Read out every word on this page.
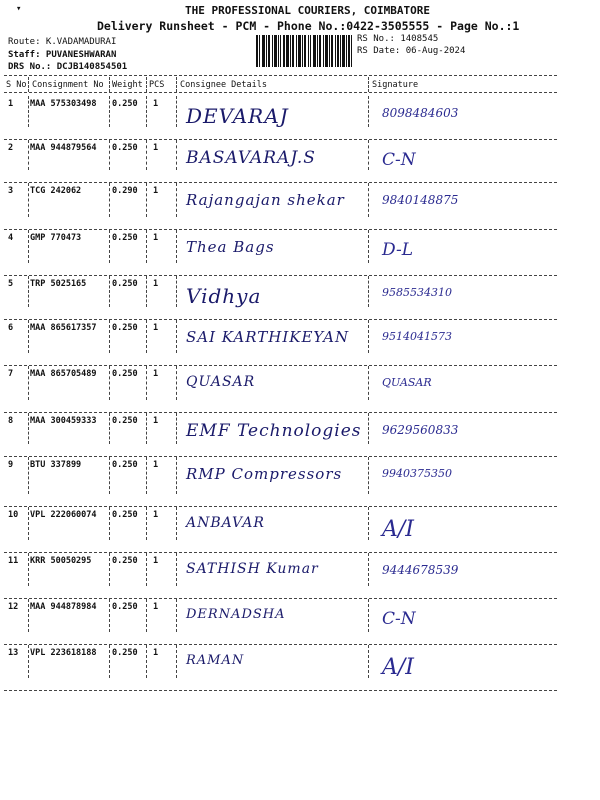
▾	THE PROFESSIONAL COURIERS, COIMBATORE
Delivery Runsheet - PCM - Phone No.:0422-3505555 - Page No.:1
Route: K.VADAMADURAI
Staff: PUVANESHWARAN
DRS No.: DCJB140854501
RS No.: 1408545
RS Date: 06-Aug-2024
S No Consignment No Weight PCS Consignee Details	Signature
1 MAA 575303498 0.250 1 DEVARAJ	8098484603
2 MAA 944879564 0.250 1 BASAVARAJ.S	C-N
3 TCG 242062	0.290 1 Rajangajan shekar	9840148875
4 GMP 770473	0.250 1 Thea Bags	D-L
5 TRP 5025165	0.250 1 Vidhya	9585534310
6 MAA 865617357 0.250 1 SAI KARTHIKEYAN	9514041573
7 MAA 865705489 0.250 1 QUASAR	QUASAR
8 MAA 300459333 0.250 1 EMF Technologies 9629560833
9 BTU 337899	0.250 1 RMP Compressors	9940375350
10 VPL 222060074 0.250 1 ANBAVAR	A/I
11 KRR 50050295 0.250 1 SATHISH Kumar	9444678539
12 MAA 944878984 0.250 1 DERNADSHA	C-N
13 VPL 223618188 0.250 1 RAMAN	A/I
